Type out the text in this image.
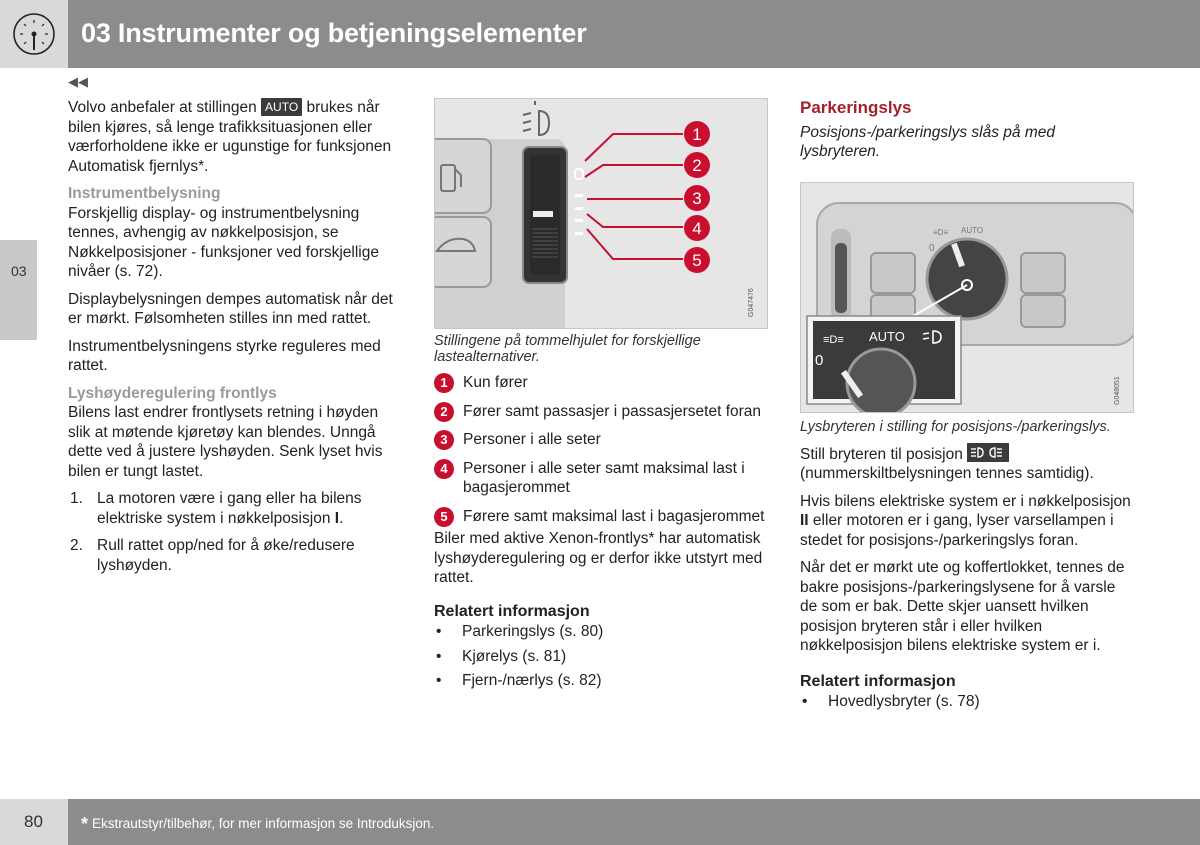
03 Instrumenter og betjeningselementer
◀◀
03

Volvo anbefaler at stillingen AUTO brukes når bilen kjøres, så lenge trafikksituasjonen eller værforholdene ikke er ugunstige for funksjonen Automatisk fjernlys*.

Instrumentbelysning

Forskjellig display- og instrumentbelysning tennes, avhengig av nøkkelposisjon, se Nøkkelposisjoner - funksjoner ved forskjellige nivåer (s. 72).

Displaybelysningen dempes automatisk når det er mørkt. Følsomheten stilles inn med rattet.

Instrumentbelysningens styrke reguleres med rattet.

Lyshøyderegulering frontlys

Bilens last endrer frontlysets retning i høyden slik at møtende kjøretøy kan blendes. Unngå dette ved å justere lyshøyden. Senk lyset hvis bilen er tungt lastet.

1. La motoren være i gang eller ha bilens elektriske system i nøkkelposisjon I.
2. Rull rattet opp/ned for å øke/redusere lyshøyden.
1
2
3
4
5
G047476
Stillingene på tommelhjulet for forskjellige lastealternativer.
1 Kun fører
2 Fører samt passasjer i passasjersetet foran
3 Personer i alle seter
4 Personer i alle seter samt maksimal last i bagasjerommet
5 Førere samt maksimal last i bagasjerommet

Biler med aktive Xenon-frontlys* har automatisk lyshøyderegulering og er derfor ikke utstyrt med rattet.

Relatert informasjon
• Parkeringslys (s. 80)
• Kjørelys (s. 81)
• Fjern-/nærlys (s. 82)
Parkeringslys
Posisjons-/parkeringslys slås på med lysbryteren.
≡D≡ AUTO
0
≡D≡ AUTO
0
G048051
Lysbryteren i stilling for posisjons-/parkeringslys.

Still bryteren til posisjon
(nummerskiltbelysningen tennes samtidig).

Hvis bilens elektriske system er i nøkkelposisjon II eller motoren er i gang, lyser varsellampen i stedet for posisjons-/parkeringslys foran.

Når det er mørkt ute og koffertlokket, tennes de bakre posisjons-/parkeringslysene for å varsle de som er bak. Dette skjer uansett hvilken posisjon bryteren står i eller hvilken nøkkelposisjon bilens elektriske system er i.

Relatert informasjon
• Hovedlysbryter (s. 78)
80 * Ekstrautstyr/tilbehør, for mer informasjon se Introduksjon.
